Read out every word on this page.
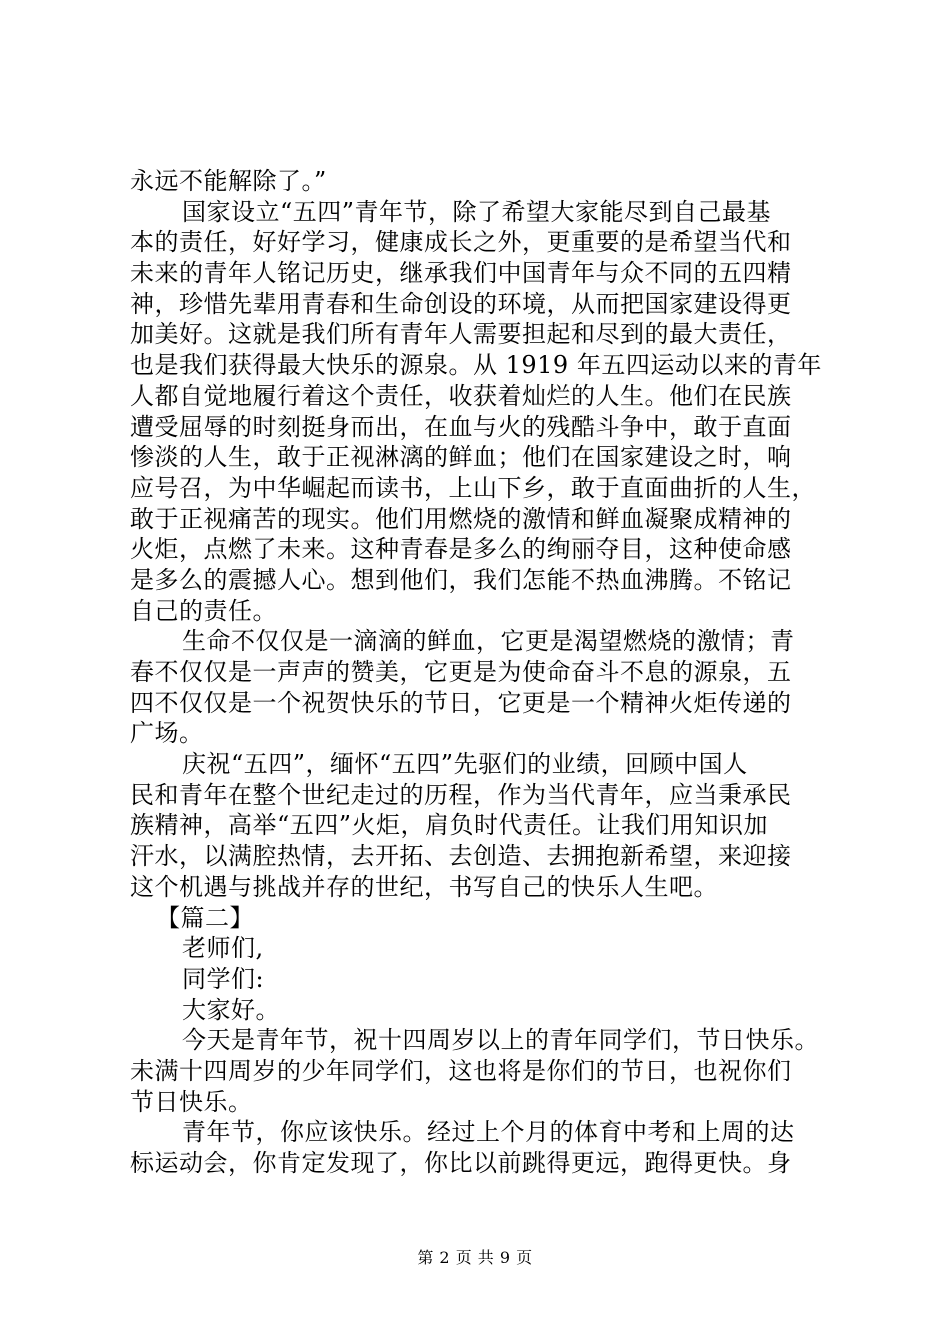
永远不能解除了。”
国家设立“五四”青年节，除了希望大家能尽到自己最基
本的责任，好好学习，健康成长之外，更重要的是希望当代和
未来的青年人铭记历史，继承我们中国青年与众不同的五四精
神，珍惜先辈用青春和生命创设的环境，从而把国家建设得更
加美好。这就是我们所有青年人需要担起和尽到的最大责任，
也是我们获得最大快乐的源泉。从 1919 年五四运动以来的青年
人都自觉地履行着这个责任，收获着灿烂的人生。他们在民族
遭受屈辱的时刻挺身而出，在血与火的残酷斗争中，敢于直面
惨淡的人生，敢于正视淋漓的鲜血；他们在国家建设之时，响
应号召，为中华崛起而读书，上山下乡，敢于直面曲折的人生，
敢于正视痛苦的现实。他们用燃烧的激情和鲜血凝聚成精神的
火炬，点燃了未来。这种青春是多么的绚丽夺目，这种使命感
是多么的震撼人心。想到他们，我们怎能不热血沸腾。不铭记
自己的责任。
生命不仅仅是一滴滴的鲜血，它更是渴望燃烧的激情；青
春不仅仅是一声声的赞美，它更是为使命奋斗不息的源泉，五
四不仅仅是一个祝贺快乐的节日，它更是一个精神火炬传递的
广场。
庆祝“五四”，缅怀“五四”先驱们的业绩，回顾中国人
民和青年在整个世纪走过的历程，作为当代青年，应当秉承民
族精神，高举“五四”火炬，肩负时代责任。让我们用知识加
汗水，以满腔热情，去开拓、去创造、去拥抱新希望，来迎接
这个机遇与挑战并存的世纪，书写自己的快乐人生吧。
【篇二】
老师们,
同学们:
大家好。
今天是青年节，祝十四周岁以上的青年同学们，节日快乐。
未满十四周岁的少年同学们，这也将是你们的节日，也祝你们
节日快乐。
青年节，你应该快乐。经过上个月的体育中考和上周的达
标运动会，你肯定发现了，你比以前跳得更远，跑得更快。身
第 2 页 共 9 页
